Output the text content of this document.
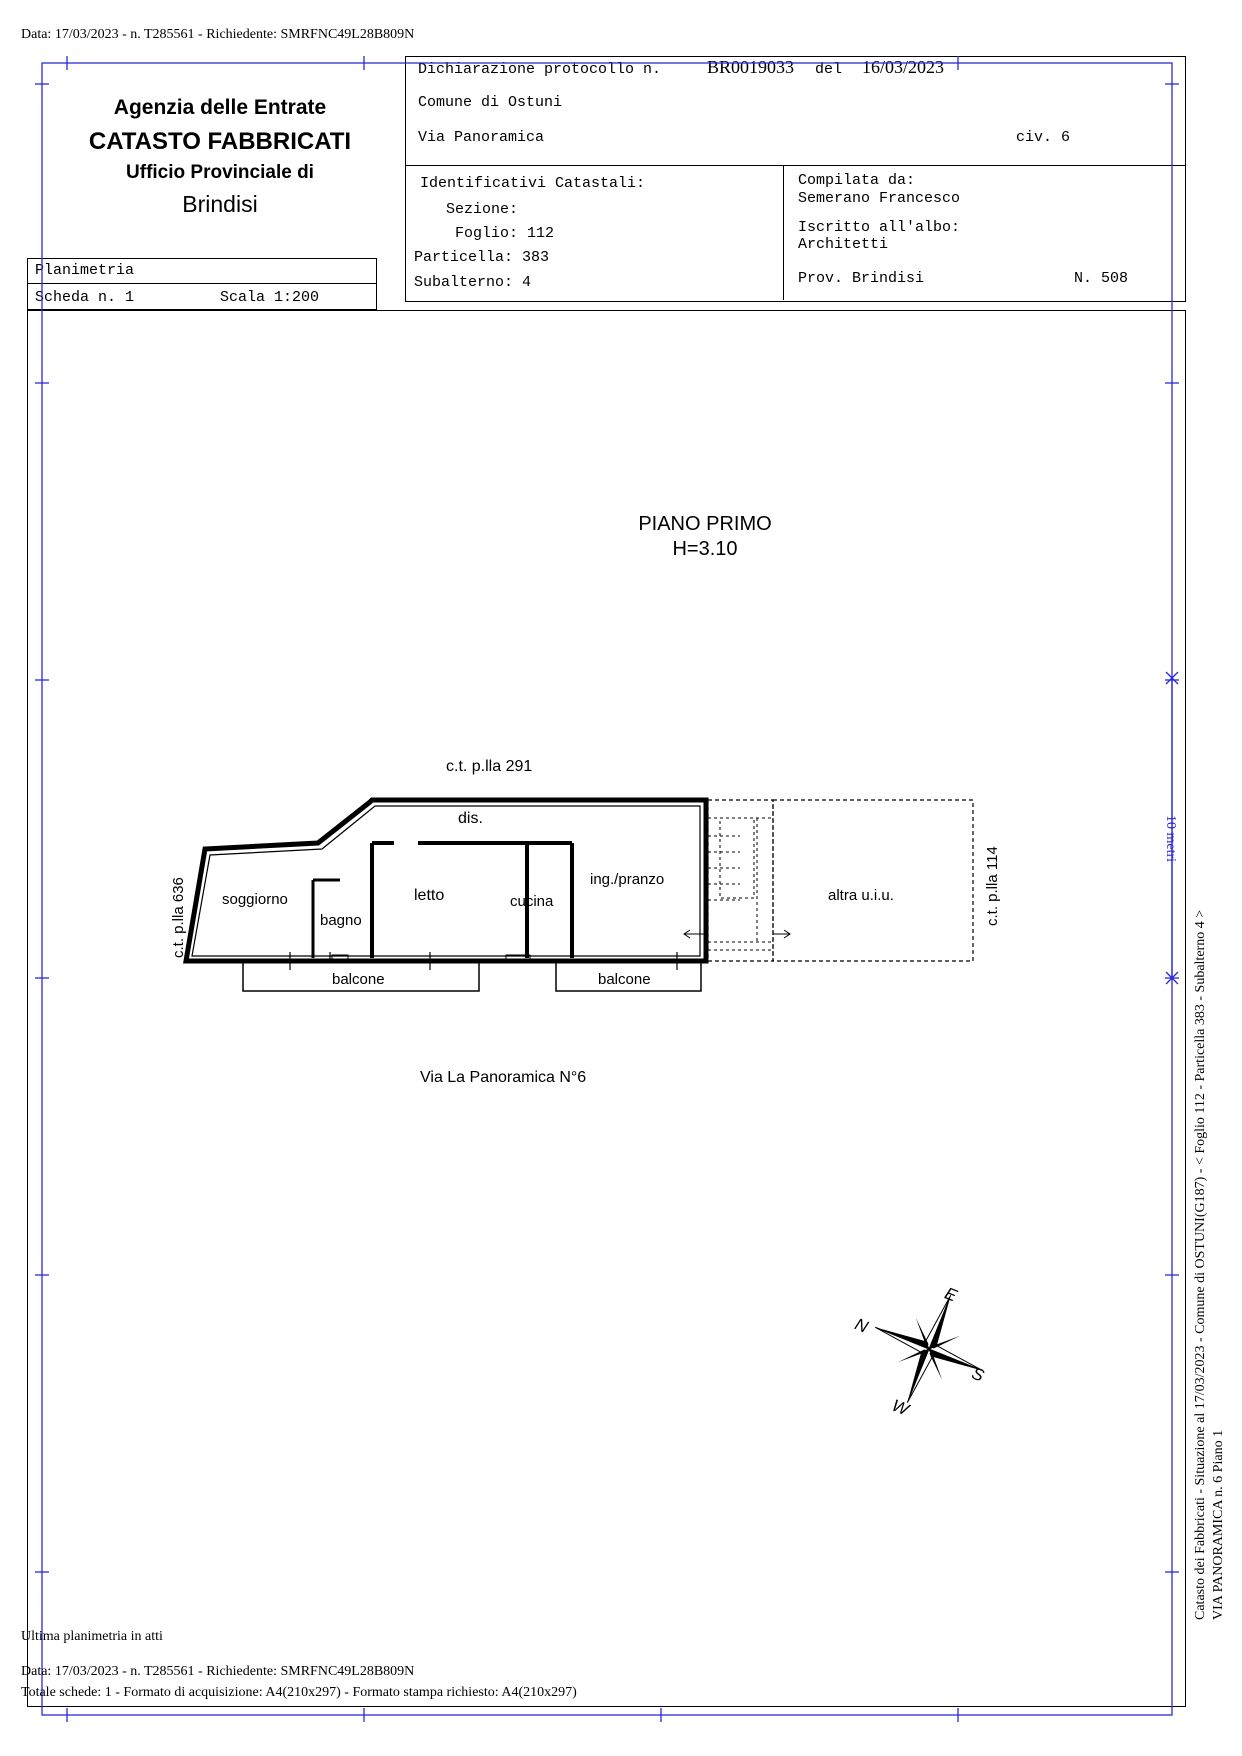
Data: 17/03/2023 - n. T285561 - Richiedente: SMRFNC49L28B809N
Agenzia delle Entrate
CATASTO FABBRICATI
Ufficio Provinciale di
Brindisi
Planimetria
Scheda n. 1	Scala 1:200
Dichiarazione protocollo n.	BR0019033 del 16/03/2023
Comune di Ostuni
Via Panoramica	civ. 6
Identificativi Catastali:
Sezione:
Foglio: 112
Particella: 383
Subalterno: 4
Compilata da:
Semerano Francesco
Iscritto all'albo:
Architetti
Prov. Brindisi	N. 508
10 metri
PIANO PRIMO
H=3.10
c.t. p.lla 291
dis.
soggiorno
bagno
letto	cucina
ing./pranzo
altra u.i.u.
balcone	balcone
c.t. p.lla 636	c.t. p.lla 114
Via La Panoramica N°6
N
E
S
W	Catasto dei Fabbricati - Situazione al 17/03/2023 - Comune di OSTUNI(G187) - < Foglio 112 - Particella 383 - Subalterno 4 > VIA PANORAMICA n. 6 Piano 1
Ultima planimetria in atti
Data: 17/03/2023 - n. T285561 - Richiedente: SMRFNC49L28B809N
Totale schede: 1 - Formato di acquisizione: A4(210x297) - Formato stampa richiesto: A4(210x297)
